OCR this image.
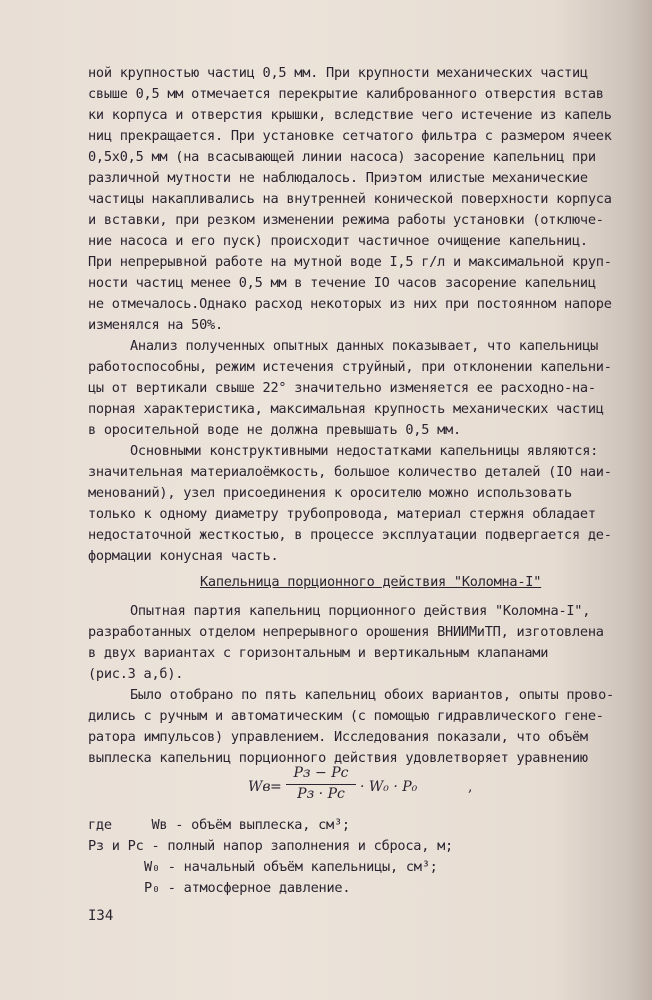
ной крупностью частиц 0,5 мм. При крупности механических частиц
свыше 0,5 мм отмечается перекрытие калиброванного отверстия встав
ки корпуса и отверстия крышки, вследствие чего истечение из капель
ниц прекращается. При установке сетчатого фильтра с размером ячеек
0,5х0,5 мм (на всасывающей линии насоса) засорение капельниц при
различной мутности не наблюдалось. Приэтом илистые механические
частицы накапливались на внутренней конической поверхности корпуса
и вставки, при резком изменении режима работы установки (отключе-
ние насоса и его пуск) происходит частичное очищение капельниц.
При непрерывной работе на мутной воде I,5 г/л и максимальной круп-
ности частиц менее 0,5 мм в течение IO часов засорение капельниц
не отмечалось.Однако расход некоторых из них при постоянном напоре
изменялся на 50%.
Анализ полученных опытных данных показывает, что капельницы
работоспособны, режим истечения струйный, при отклонении капельни-
цы от вертикали свыше 22° значительно изменяется ее расходно-на-
порная характеристика, максимальная крупность механических частиц
в оросительной воде не должна превышать 0,5 мм.
Основными конструктивными недостатками капельницы являются:
значительная материалоёмкость, большое количество деталей (IO наи-
менований), узел присоединения к оросителю можно использовать
только к одному диаметру трубопровода, материал стержня обладает
недостаточной жесткостью, в процессе эксплуатации подвергается де-
формации конусная часть.
Капельница порционного действия "Коломна-I"
Опытная партия капельниц порционного действия "Коломна-I",
разработанных отделом непрерывного орошения ВНИИМиТП, изготовлена
в двух вариантах с горизонтальным и вертикальным клапанами
(рис.3 а,б).
Было отобрано по пять капельниц обоих вариантов, опыты прово-
дились с ручным и автоматическим (с помощью гидравлического гене-
ратора импульсов) управлением. Исследования показали, что объём
выплеска капельниц порционного действия удовлетворяет уравнению
Wв =
Рз − Рс
Рз · Рс	· W₀ · Р₀	,
где     Wв - объём выплеска, см³;
Рз и Рс - полный напор заполнения и сброса, м;
W₀ - начальный объём капельницы, см³;
Р₀ - атмосферное давление.
I34
